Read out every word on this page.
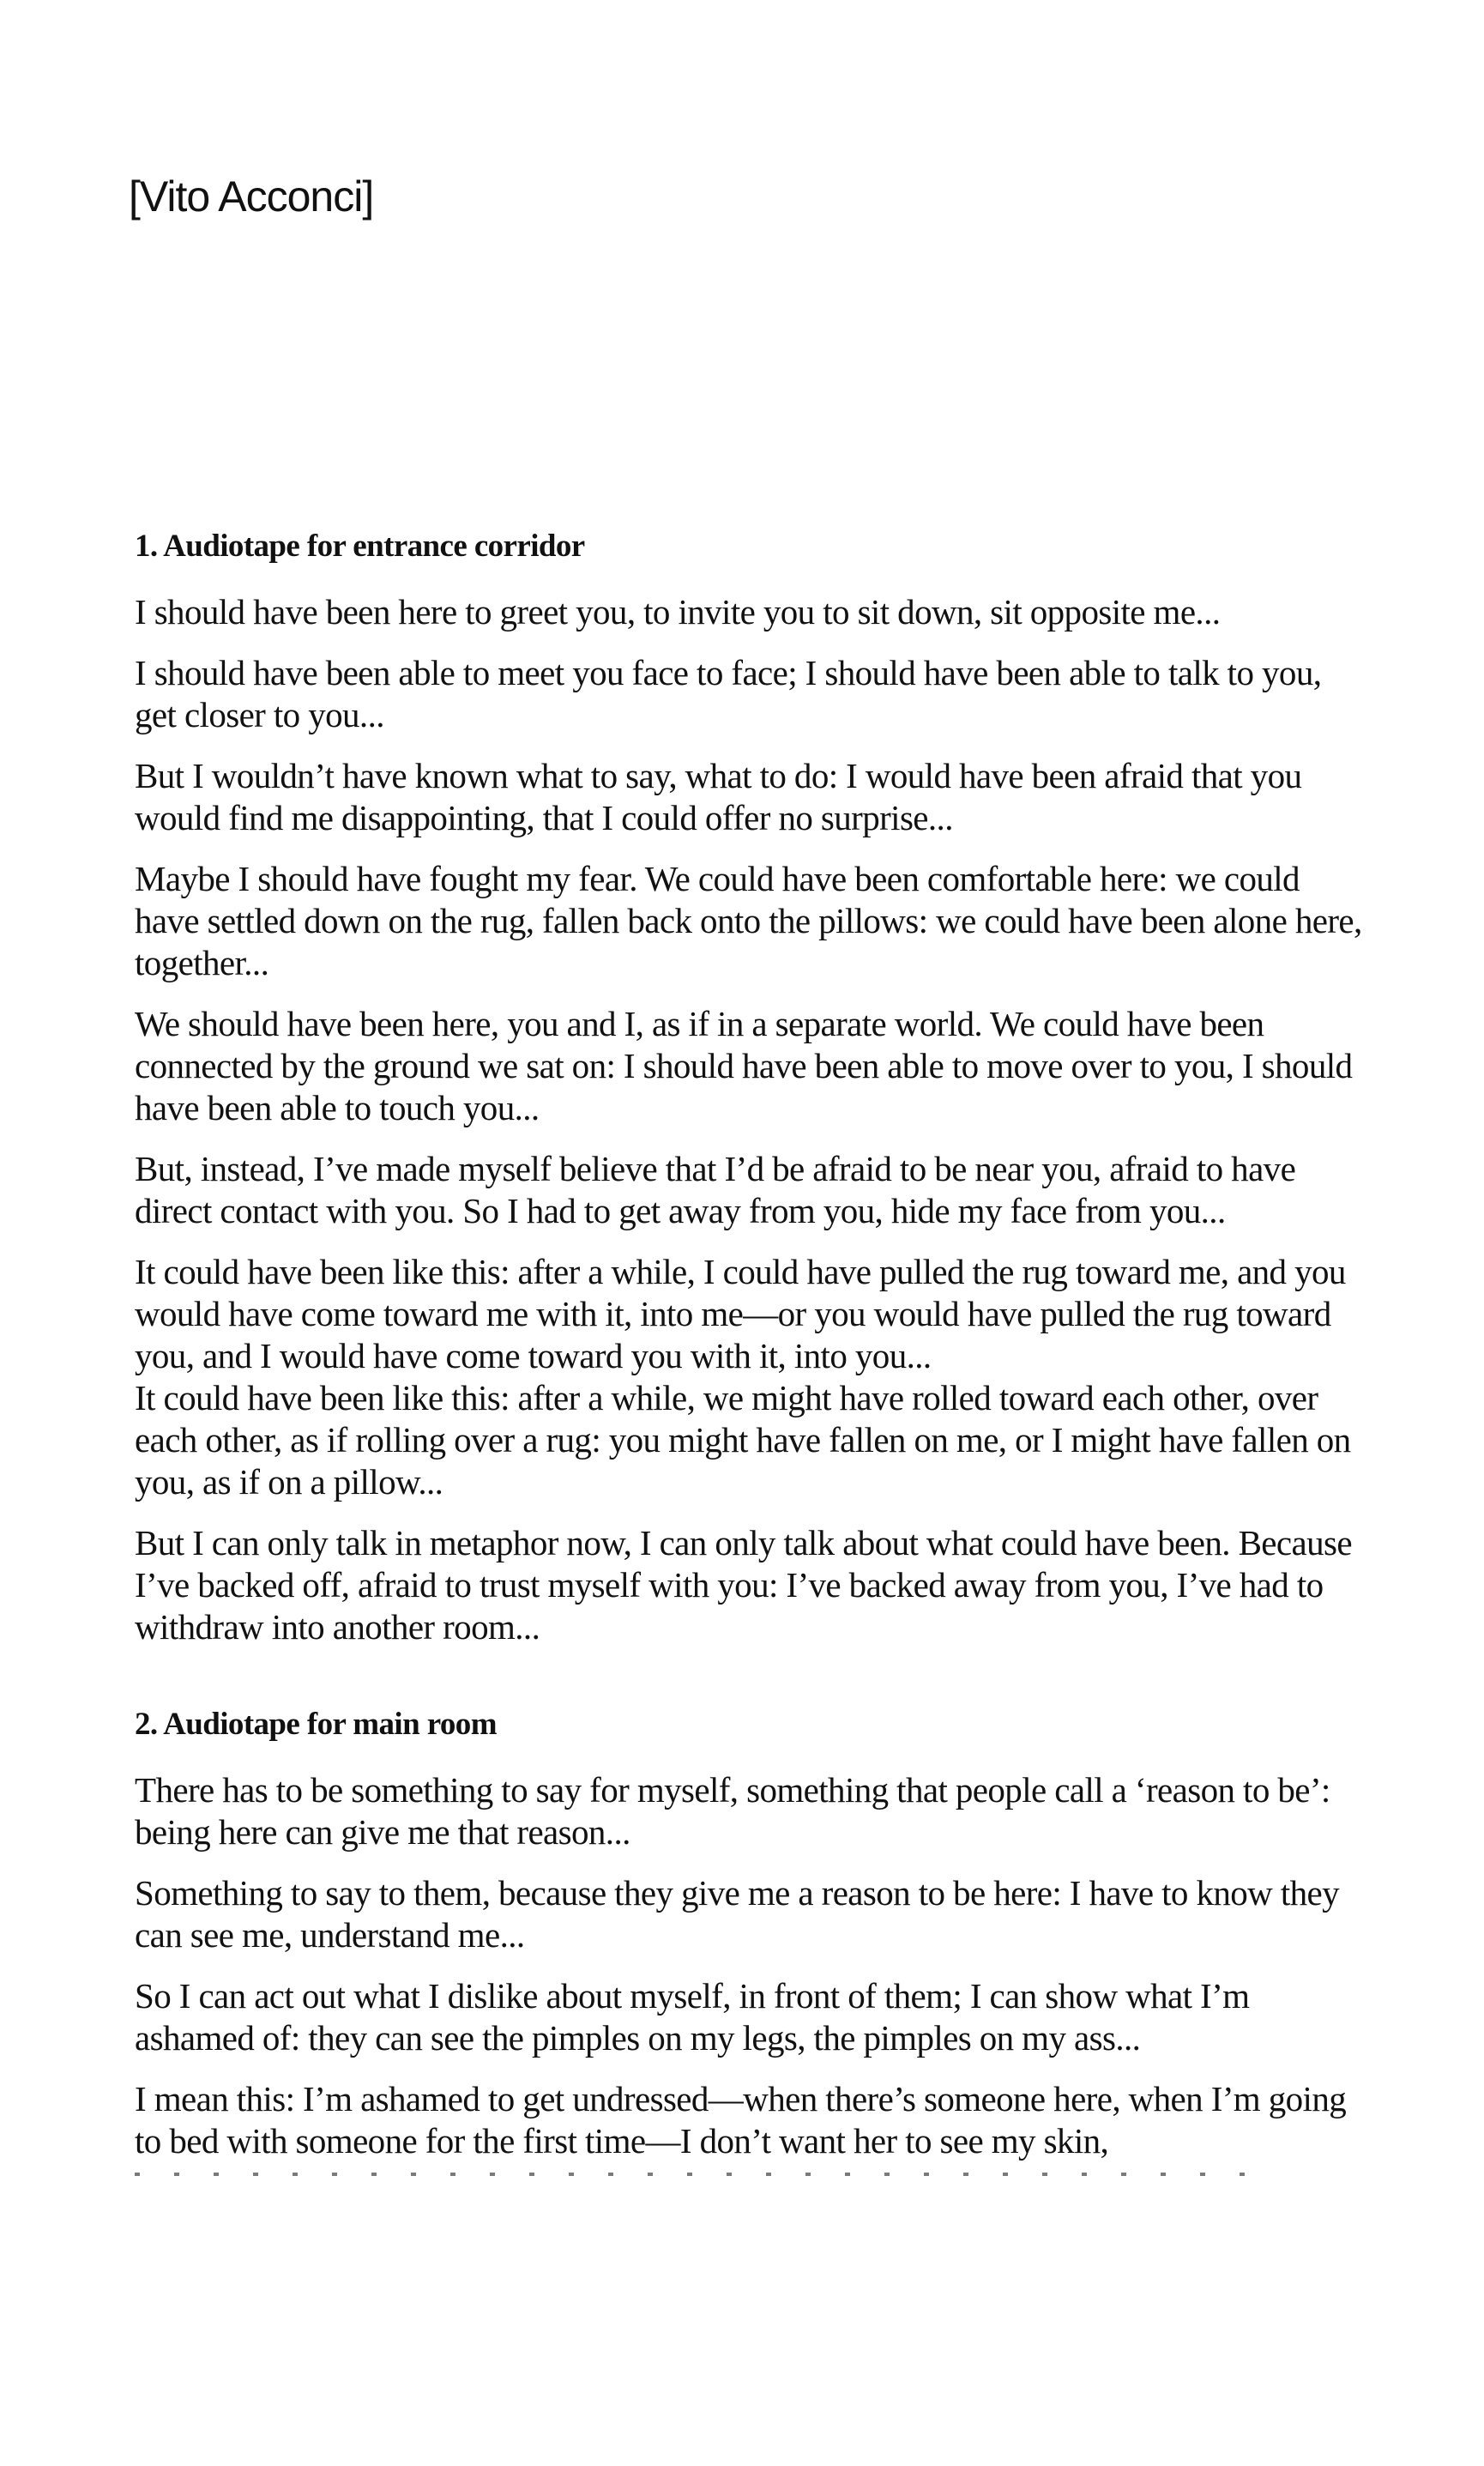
[Vito Acconci]
1. Audiotape for entrance corridor

I should have been here to greet you, to invite you to sit down, sit opposite me...

I should have been able to meet you face to face; I should have been able to talk to you, get closer to you...

But I wouldn’t have known what to say, what to do: I would have been afraid that you would find me disappointing, that I could offer no surprise...

Maybe I should have fought my fear. We could have been comfortable here: we could have settled down on the rug, fallen back onto the pillows: we could have been alone here, together...

We should have been here, you and I, as if in a separate world. We could have been connected by the ground we sat on: I should have been able to move over to you, I should have been able to touch you...

But, instead, I’ve made myself believe that I’d be afraid to be near you, afraid to have direct contact with you. So I had to get away from you, hide my face from you...

It could have been like this: after a while, I could have pulled the rug toward me, and you would have come toward me with it, into me—or you would have pulled the rug toward you, and I would have come toward you with it, into you...

It could have been like this: after a while, we might have rolled toward each other, over each other, as if rolling over a rug: you might have fallen on me, or I might have fallen on you, as if on a pillow...

But I can only talk in metaphor now, I can only talk about what could have been. Because I’ve backed off, afraid to trust myself with you: I’ve backed away from you, I’ve had to withdraw into another room...

2. Audiotape for main room

There has to be something to say for myself, something that people call a ‘reason to be’: being here can give me that reason...

Something to say to them, because they give me a reason to be here: I have to know they can see me, understand me...

So I can act out what I dislike about myself, in front of them; I can show what I’m ashamed of: they can see the pimples on my legs, the pimples on my ass...

I mean this: I’m ashamed to get undressed—when there’s someone here, when I’m going to bed with someone for the first time—I don’t want her to see my skin,
